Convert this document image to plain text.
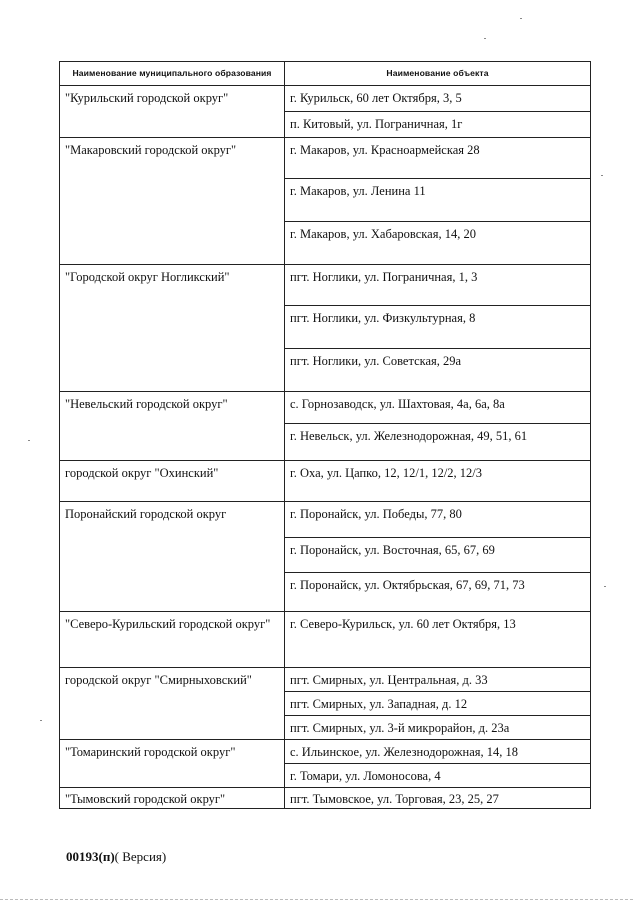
Наименование муниципального образования	Наименование объекта
"Курильский городской округ"	г. Курильск, 60 лет Октября, 3, 5
	п. Китовый, ул. Пограничная, 1г
"Макаровский городской округ"	г. Макаров, ул. Красноармейская 28
	г. Макаров, ул. Ленина 11
	г. Макаров, ул. Хабаровская, 14, 20
"Городской округ Ногликский"	пгт. Ноглики, ул. Пограничная, 1, 3
	пгт. Ноглики, ул. Физкультурная, 8
	пгт. Ноглики, ул. Советская, 29а
"Невельский городской округ"	с. Горнозаводск, ул. Шахтовая, 4а, 6а, 8а
	г. Невельск, ул. Железнодорожная, 49, 51, 61
городской округ "Охинский"	г. Оха, ул. Цапко, 12, 12/1, 12/2, 12/3
Поронайский городской округ	г. Поронайск, ул. Победы, 77, 80
	г. Поронайск, ул. Восточная, 65, 67, 69
	г. Поронайск, ул. Октябрьская, 67, 69, 71, 73
"Северо-Курильский городской округ"	г. Северо-Курильск, ул. 60 лет Октября, 13
городской округ "Смирныховский"	пгт. Смирных, ул. Центральная, д. 33
	пгт. Смирных, ул. Западная, д. 12
	пгт. Смирных, ул. 3-й микрорайон, д. 23а
"Томаринский городской округ"	с. Ильинское, ул. Железнодорожная, 14, 18
	г. Томари, ул. Ломоносова, 4
"Тымовский городской округ"	пгт. Тымовское, ул. Торговая, 23, 25, 27
00193(п)( Версия)
